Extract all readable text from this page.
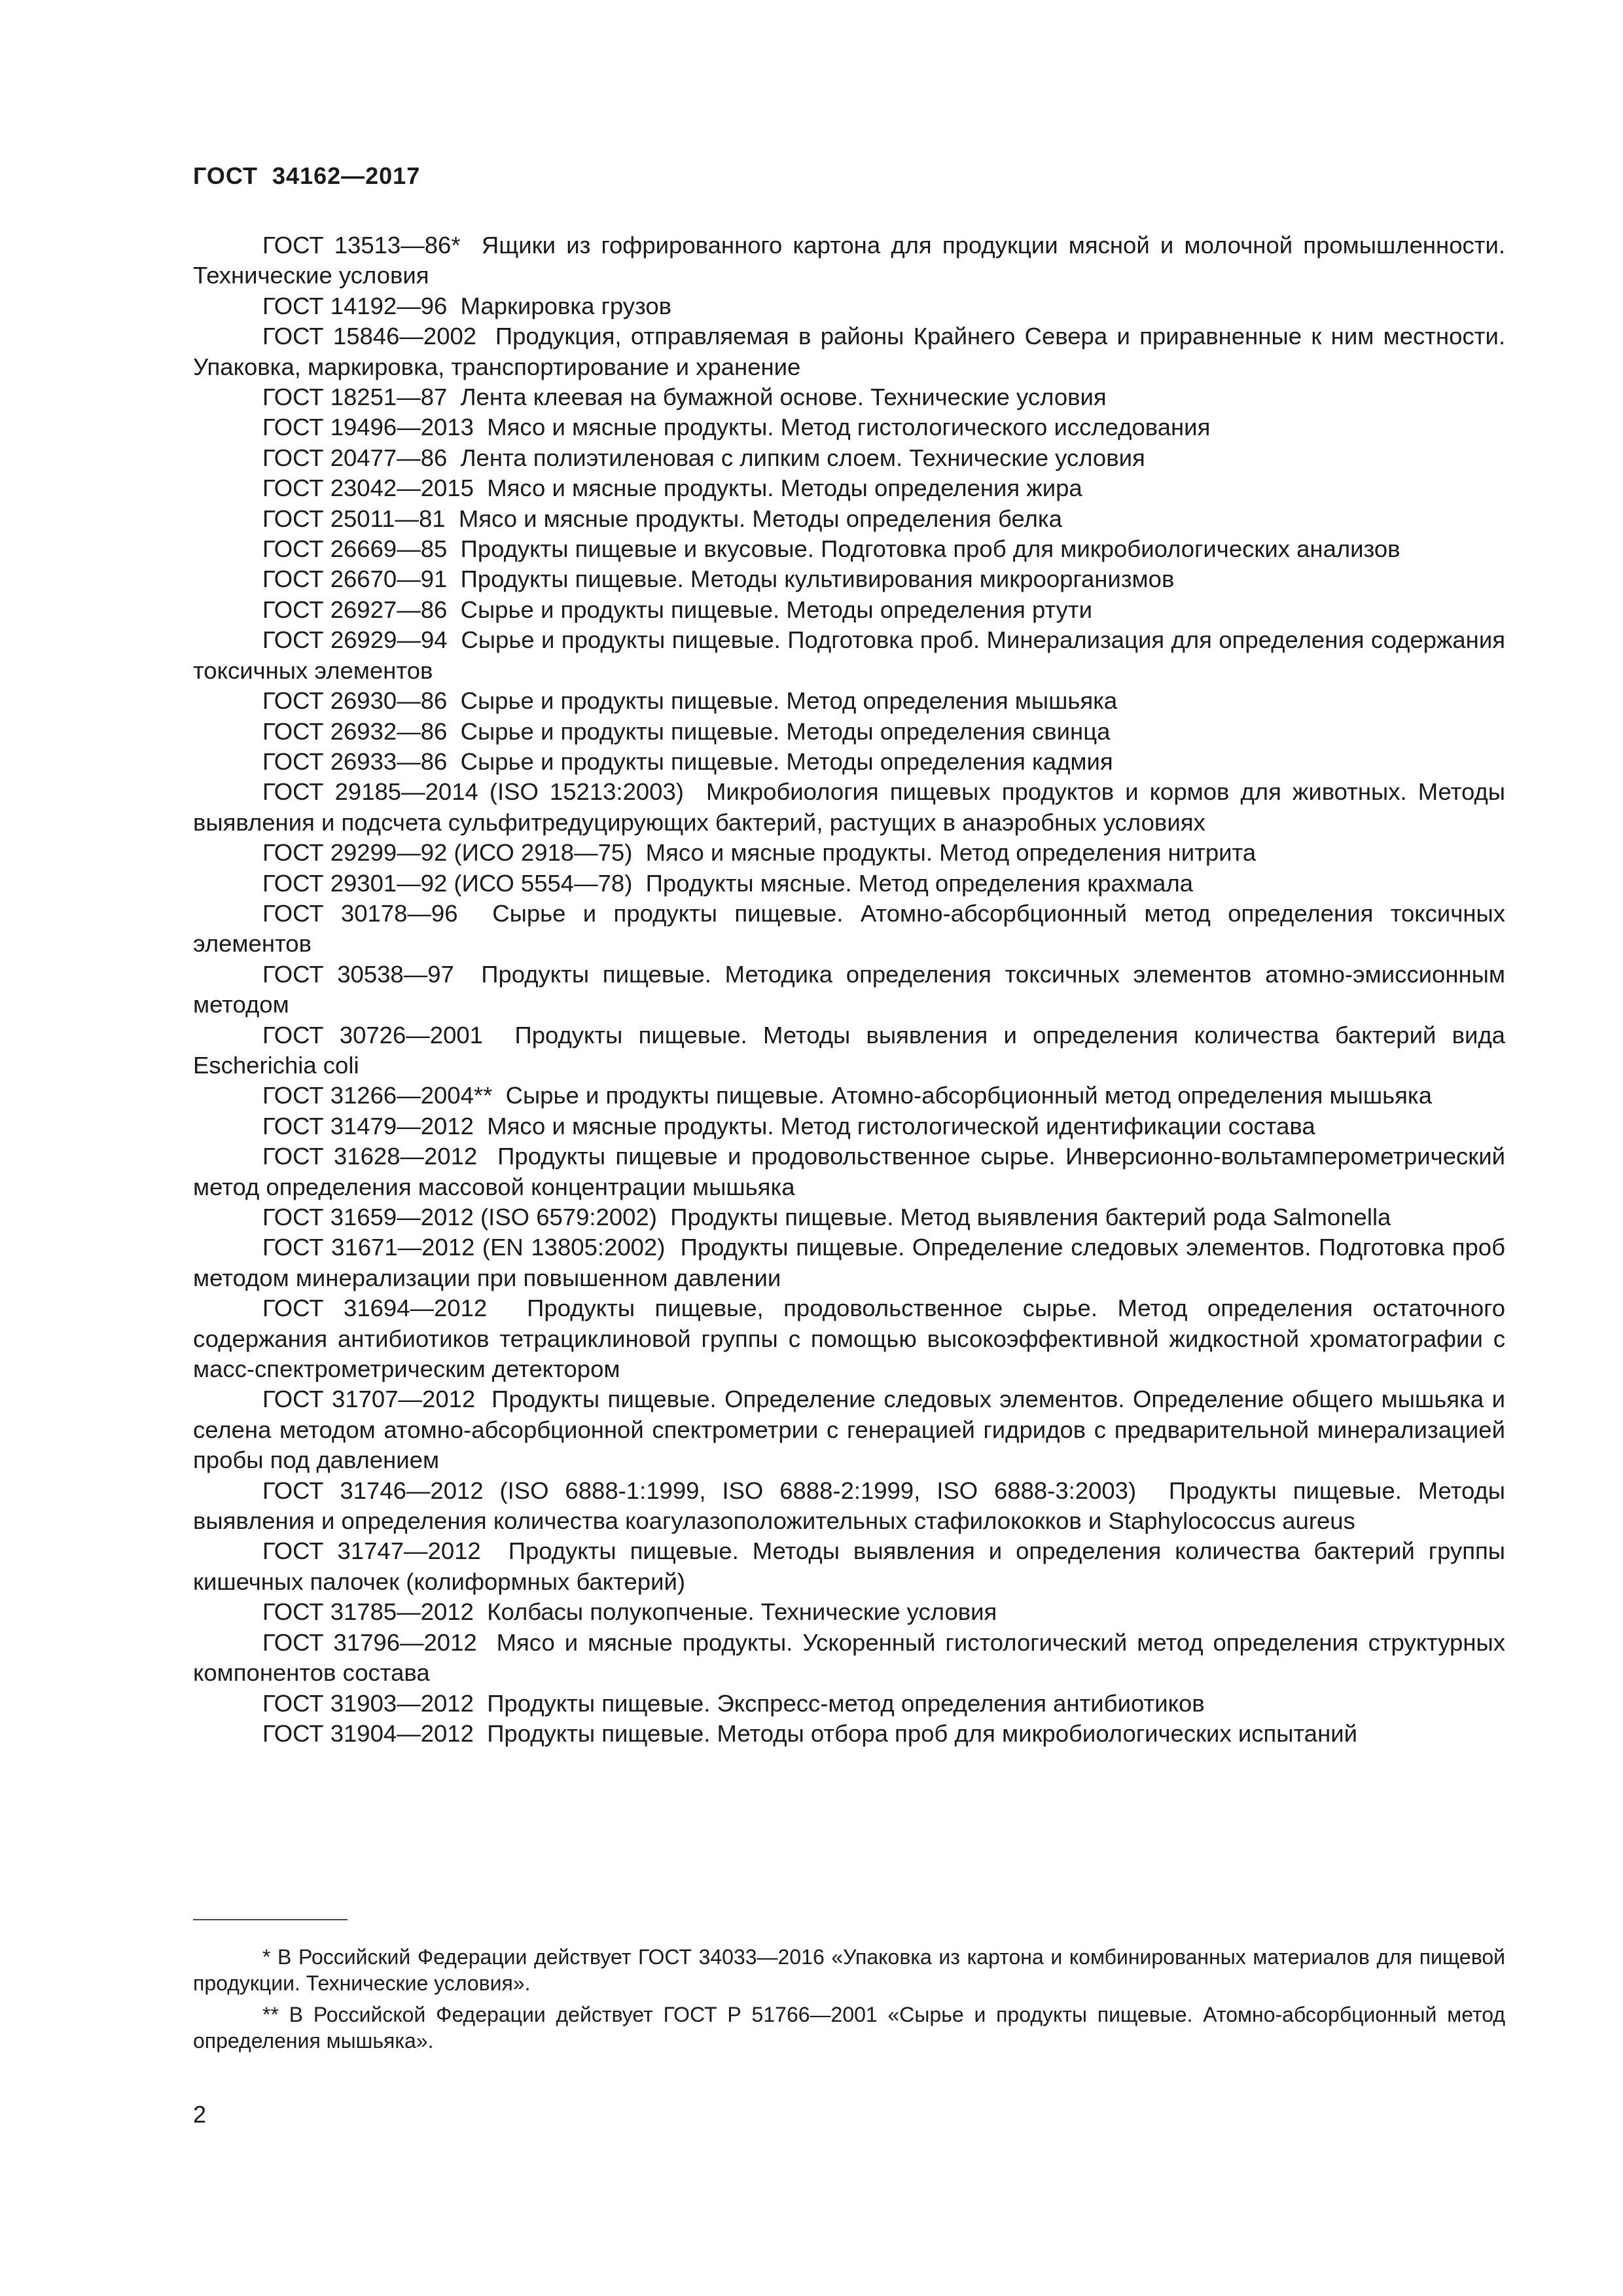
ГОСТ  34162—2017

ГОСТ 13513—86* Ящики из гофрированного картона для продукции мясной и молочной промышленности. Технические условия

ГОСТ 14192—96 Маркировка грузов

ГОСТ 15846—2002 Продукция, отправляемая в районы Крайнего Севера и приравненные к ним местности. Упаковка, маркировка, транспортирование и хранение

ГОСТ 18251—87 Лента клеевая на бумажной основе. Технические условия

ГОСТ 19496—2013 Мясо и мясные продукты. Метод гистологического исследования

ГОСТ 20477—86 Лента полиэтиленовая с липким слоем. Технические условия

ГОСТ 23042—2015 Мясо и мясные продукты. Методы определения жира

ГОСТ 25011—81 Мясо и мясные продукты. Методы определения белка

ГОСТ 26669—85 Продукты пищевые и вкусовые. Подготовка проб для микробиологических анализов

ГОСТ 26670—91 Продукты пищевые. Методы культивирования микроорганизмов

ГОСТ 26927—86 Сырье и продукты пищевые. Методы определения ртути

ГОСТ 26929—94 Сырье и продукты пищевые. Подготовка проб. Минерализация для определения содержания токсичных элементов

ГОСТ 26930—86 Сырье и продукты пищевые. Метод определения мышьяка

ГОСТ 26932—86 Сырье и продукты пищевые. Методы определения свинца

ГОСТ 26933—86 Сырье и продукты пищевые. Методы определения кадмия

ГОСТ 29185—2014 (ISO 15213:2003) Микробиология пищевых продуктов и кормов для животных. Методы выявления и подсчета сульфитредуцирующих бактерий, растущих в анаэробных условиях

ГОСТ 29299—92 (ИСО 2918—75) Мясо и мясные продукты. Метод определения нитрита

ГОСТ 29301—92 (ИСО 5554—78) Продукты мясные. Метод определения крахмала

ГОСТ 30178—96 Сырье и продукты пищевые. Атомно-абсорбционный метод определения токсичных элементов

ГОСТ 30538—97 Продукты пищевые. Методика определения токсичных элементов атомно-эмиссионным методом

ГОСТ 30726—2001 Продукты пищевые. Методы выявления и определения количества бактерий вида Escherichia coli

ГОСТ 31266—2004** Сырье и продукты пищевые. Атомно-абсорбционный метод определения мышьяка

ГОСТ 31479—2012 Мясо и мясные продукты. Метод гистологической идентификации состава

ГОСТ 31628—2012 Продукты пищевые и продовольственное сырье. Инверсионно-вольтамперометрический метод определения массовой концентрации мышьяка

ГОСТ 31659—2012 (ISO 6579:2002) Продукты пищевые. Метод выявления бактерий рода Salmonella

ГОСТ 31671—2012 (EN 13805:2002) Продукты пищевые. Определение следовых элементов. Подготовка проб методом минерализации при повышенном давлении

ГОСТ 31694—2012 Продукты пищевые, продовольственное сырье. Метод определения остаточного содержания антибиотиков тетрациклиновой группы с помощью высокоэффективной жидкостной хроматографии с масс-спектрометрическим детектором

ГОСТ 31707—2012 Продукты пищевые. Определение следовых элементов. Определение общего мышьяка и селена методом атомно-абсорбционной спектрометрии с генерацией гидридов с предварительной минерализацией пробы под давлением

ГОСТ 31746—2012 (ISO 6888-1:1999, ISO 6888-2:1999, ISO 6888-3:2003) Продукты пищевые. Методы выявления и определения количества коагулазоположительных стафилококков и Staphylococcus aureus

ГОСТ 31747—2012 Продукты пищевые. Методы выявления и определения количества бактерий группы кишечных палочек (колиформных бактерий)

ГОСТ 31785—2012 Колбасы полукопченые. Технические условия

ГОСТ 31796—2012 Мясо и мясные продукты. Ускоренный гистологический метод определения структурных компонентов состава

ГОСТ 31903—2012 Продукты пищевые. Экспресс-метод определения антибиотиков

ГОСТ 31904—2012 Продукты пищевые. Методы отбора проб для микробиологических испытаний

* В Российский Федерации действует ГОСТ 34033—2016 «Упаковка из картона и комбинированных материалов для пищевой продукции. Технические условия».

** В Российской Федерации действует ГОСТ Р 51766—2001 «Сырье и продукты пищевые. Атомно-абсорбционный метод определения мышьяка».

2
